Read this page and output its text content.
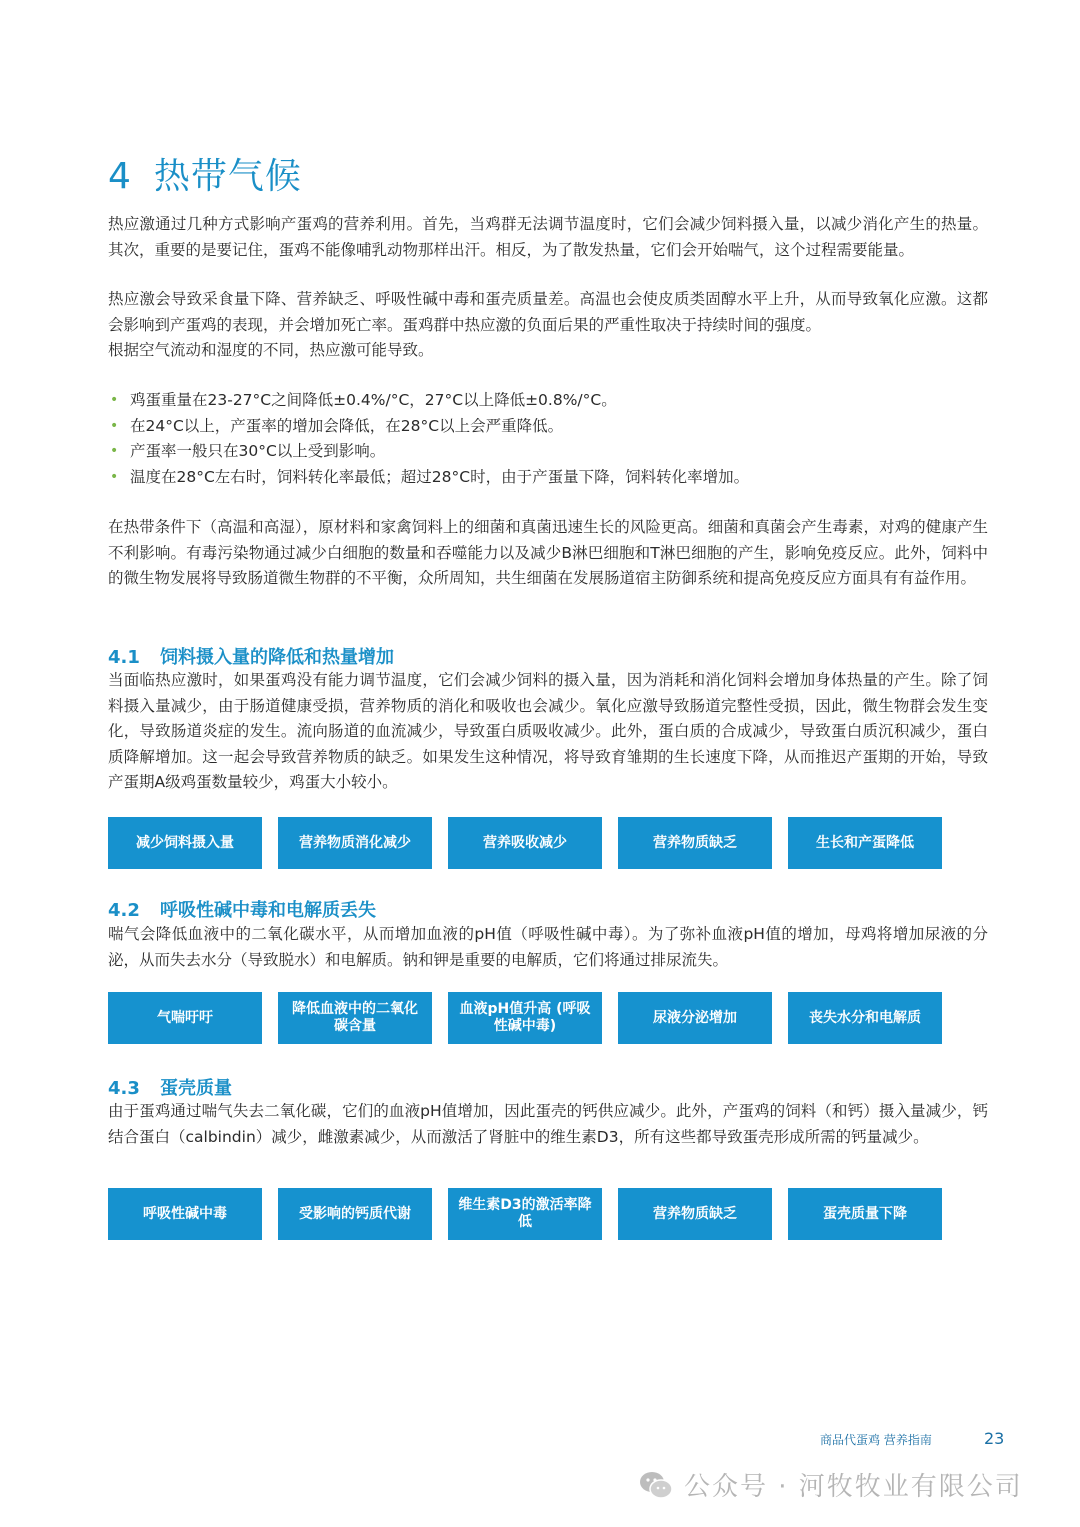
4 热带气候
热应激通过几种方式影响产蛋鸡的营养利用。首先，当鸡群无法调节温度时，它们会减少饲料摄入量，以减少消化产生的热量。其次，重要的是要记住，蛋鸡不能像哺乳动物那样出汗。相反，为了散发热量，它们会开始喘气，这个过程需要能量。
热应激会导致采食量下降、营养缺乏、呼吸性碱中毒和蛋壳质量差。高温也会使皮质类固醇水平上升，从而导致氧化应激。这都会影响到产蛋鸡的表现，并会增加死亡率。蛋鸡群中热应激的负面后果的严重性取决于持续时间的强度。
根据空气流动和湿度的不同，热应激可能导致。
• 鸡蛋重量在23-27°C之间降低±0.4%/°C，27°C以上降低±0.8%/°C。
• 在24°C以上，产蛋率的增加会降低，在28°C以上会严重降低。
• 产蛋率一般只在30°C以上受到影响。
• 温度在28°C左右时，饲料转化率最低；超过28°C时，由于产蛋量下降，饲料转化率增加。
在热带条件下（高温和高湿），原材料和家禽饲料上的细菌和真菌迅速生长的风险更高。细菌和真菌会产生毒素，对鸡的健康产生不利影响。有毒污染物通过减少白细胞的数量和吞噬能力以及减少B淋巴细胞和T淋巴细胞的产生，影响免疫反应。此外，饲料中的微生物发展将导致肠道微生物群的不平衡，众所周知，共生细菌在发展肠道宿主防御系统和提高免疫反应方面具有有益作用。
4.1 饲料摄入量的降低和热量增加
当面临热应激时，如果蛋鸡没有能力调节温度，它们会减少饲料的摄入量，因为消耗和消化饲料会增加身体热量的产生。除了饲料摄入量减少，由于肠道健康受损，营养物质的消化和吸收也会减少。氧化应激导致肠道完整性受损，因此，微生物群会发生变化，导致肠道炎症的发生。流向肠道的血流减少，导致蛋白质吸收减少。此外，蛋白质的合成减少，导致蛋白质沉积减少，蛋白质降解增加。这一起会导致营养物质的缺乏。如果发生这种情况，将导致育雏期的生长速度下降，从而推迟产蛋期的开始，导致产蛋期A级鸡蛋数量较少，鸡蛋大小较小。
减少饲料摄入量	营养物质消化减少	营养吸收减少	营养物质缺乏	生长和产蛋降低
4.2 呼吸性碱中毒和电解质丢失
喘气会降低血液中的二氧化碳水平，从而增加血液的pH值（呼吸性碱中毒）。为了弥补血液pH值的增加，母鸡将增加尿液的分泌，从而失去水分（导致脱水）和电解质。钠和钾是重要的电解质，它们将通过排尿流失。
气喘吁吁
降低血液中的二氧化碳含量
血液pH值升高 (呼吸性碱中毒)
尿液分泌增加	丧失水分和电解质
4.3 蛋壳质量
由于蛋鸡通过喘气失去二氧化碳，它们的血液pH值增加，因此蛋壳的钙供应减少。此外，产蛋鸡的饲料（和钙）摄入量减少，钙结合蛋白（calbindin）减少，雌激素减少，从而激活了肾脏中的维生素D3，所有这些都导致蛋壳形成所需的钙量减少。
呼吸性碱中毒	受影响的钙质代谢
维生素D3的激活率降低
营养物质缺乏	蛋壳质量下降
商品代蛋鸡 营养指南	23
公众号 · 河牧牧业有限公司
